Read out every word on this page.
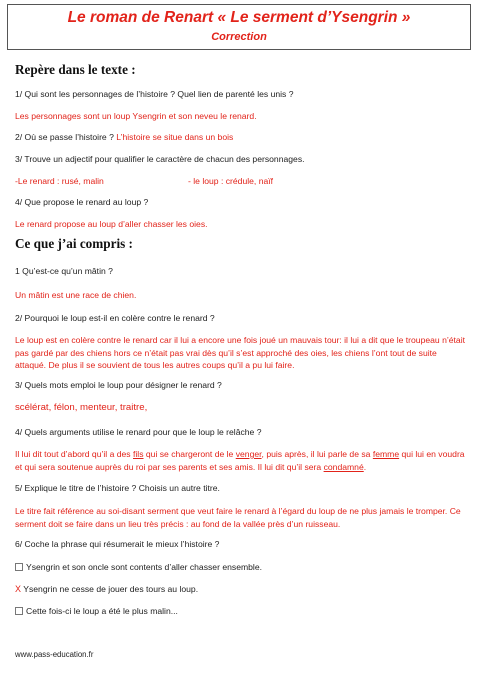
Le roman de Renart « Le serment d’Ysengrin »
Correction
Repère dans le texte :
1/ Qui sont les personnages de l’histoire ? Quel lien de parenté les unis ?
Les personnages sont un loup Ysengrin et son neveu le renard.
2/ Où se passe l’histoire ? L’histoire se situe dans un bois
3/ Trouve un adjectif pour qualifier le caractère de chacun des personnages.
-Le renard : rusé, malin	- le loup : crédule, naïf
4/ Que propose le renard au loup ?
Le renard propose au loup d’aller chasser les oies.
Ce que j’ai compris :
1 Qu’est-ce qu’un mâtin ?
Un mâtin est une race de chien.
2/ Pourquoi le loup est-il en colère contre le renard ?
Le loup est en colère contre le renard car il lui a encore une fois joué un mauvais tour: il lui a dit que le troupeau n’était pas gardé par des chiens hors ce n’était pas vrai dès qu’il s’est approché des oies, les chiens l’ont tout de suite attaqué. De plus il se souvient de tous les autres coups qu’il a pu lui faire.
3/ Quels mots emploi le loup pour désigner le renard ?
scélérat, félon, menteur, traitre,
4/ Quels arguments utilise le renard pour que le loup le relâche ?
Il lui dit tout d’abord qu’il a des fils qui se chargeront de le venger, puis après, il lui parle de sa femme qui lui en voudra et qui sera soutenue auprès du roi par ses parents et ses amis. Il lui dit qu’il sera condamné.
5/ Explique le titre de l’histoire ? Choisis un autre titre.
Le titre fait référence au soi-disant serment que veut faire le renard à l’égard du loup de ne plus jamais le tromper. Ce serment doit se faire dans un lieu très précis : au fond de la vallée près d’un ruisseau.
6/ Coche la phrase qui résumerait le mieux l’histoire ?
Ysengrin et son oncle sont contents d’aller chasser ensemble.
X Ysengrin ne cesse de jouer des tours au loup.
Cette fois-ci le loup a été le plus malin...
www.pass-education.fr
